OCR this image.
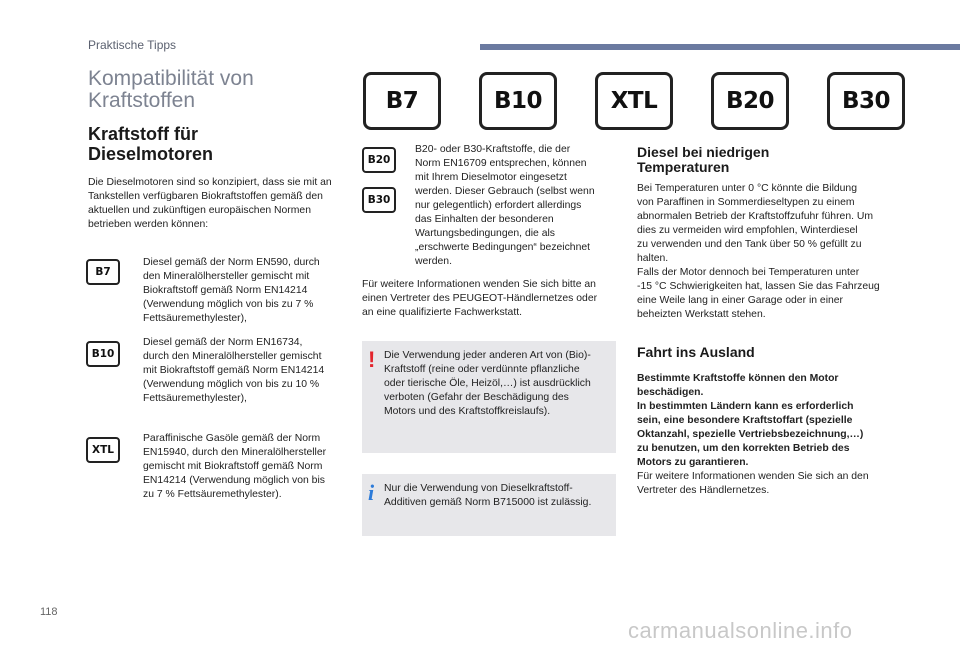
Praktische Tipps
Kompatibilität von
Kraftstoffen
Kraftstoff für
Dieselmotoren

Die Dieselmotoren sind so konzipiert, dass sie mit an
Tankstellen verfügbaren Biokraftstoffen gemäß den
aktuellen und zukünftigen europäischen Normen
betrieben werden können:

B7

Diesel gemäß der Norm EN590, durch
den Mineralölhersteller gemischt mit
Biokraftstoff gemäß Norm EN14214
(Verwendung möglich von bis zu 7 %
Fettsäuremethylester),

B10

Diesel gemäß der Norm EN16734,
durch den Mineralölhersteller gemischt
mit Biokraftstoff gemäß Norm EN14214
(Verwendung möglich von bis zu 10 %
Fettsäuremethylester),

XTL

Paraffinische Gasöle gemäß der Norm
EN15940, durch den Mineralölhersteller
gemischt mit Biokraftstoff gemäß Norm
EN14214 (Verwendung möglich von bis
zu 7 % Fettsäuremethylester).

B7	B10	XTL	B20	B30
B20
B30

B20- oder B30-Kraftstoffe, die der
Norm EN16709 entsprechen, können
mit Ihrem Dieselmotor eingesetzt
werden. Dieser Gebrauch (selbst wenn
nur gelegentlich) erfordert allerdings
das Einhalten der besonderen
Wartungsbedingungen, die als
„erschwerte Bedingungen“ bezeichnet
werden.

Für weitere Informationen wenden Sie sich bitte an
einen Vertreter des PEUGEOT-Händlernetzes oder
an eine qualifizierte Fachwerkstatt.

! Die Verwendung jeder anderen Art von (Bio)-
Kraftstoff (reine oder verdünnte pflanzliche
oder tierische Öle, Heizöl,…) ist ausdrücklich
verboten (Gefahr der Beschädigung des
Motors und des Kraftstoffkreislaufs).

i Nur die Verwendung von Dieselkraftstoff-
Additiven gemäß Norm B715000 ist zulässig.

Diesel bei niedrigen
Temperaturen

Bei Temperaturen unter 0 °C könnte die Bildung
von Paraffinen in Sommerdieseltypen zu einem
abnormalen Betrieb der Kraftstoffzufuhr führen. Um
dies zu vermeiden wird empfohlen, Winterdiesel
zu verwenden und den Tank über 50 % gefüllt zu
halten.
Falls der Motor dennoch bei Temperaturen unter
-15 °C Schwierigkeiten hat, lassen Sie das Fahrzeug
eine Weile lang in einer Garage oder in einer
beheizten Werkstatt stehen.

Fahrt ins Ausland

Bestimmte Kraftstoffe können den Motor
beschädigen.
In bestimmten Ländern kann es erforderlich
sein, eine besondere Kraftstoffart (spezielle
Oktanzahl, spezielle Vertriebsbezeichnung,…)
zu benutzen, um den korrekten Betrieb des
Motors zu garantieren.

Für weitere Informationen wenden Sie sich an den
Vertreter des Händlernetzes.

118
carmanualsonline.info
